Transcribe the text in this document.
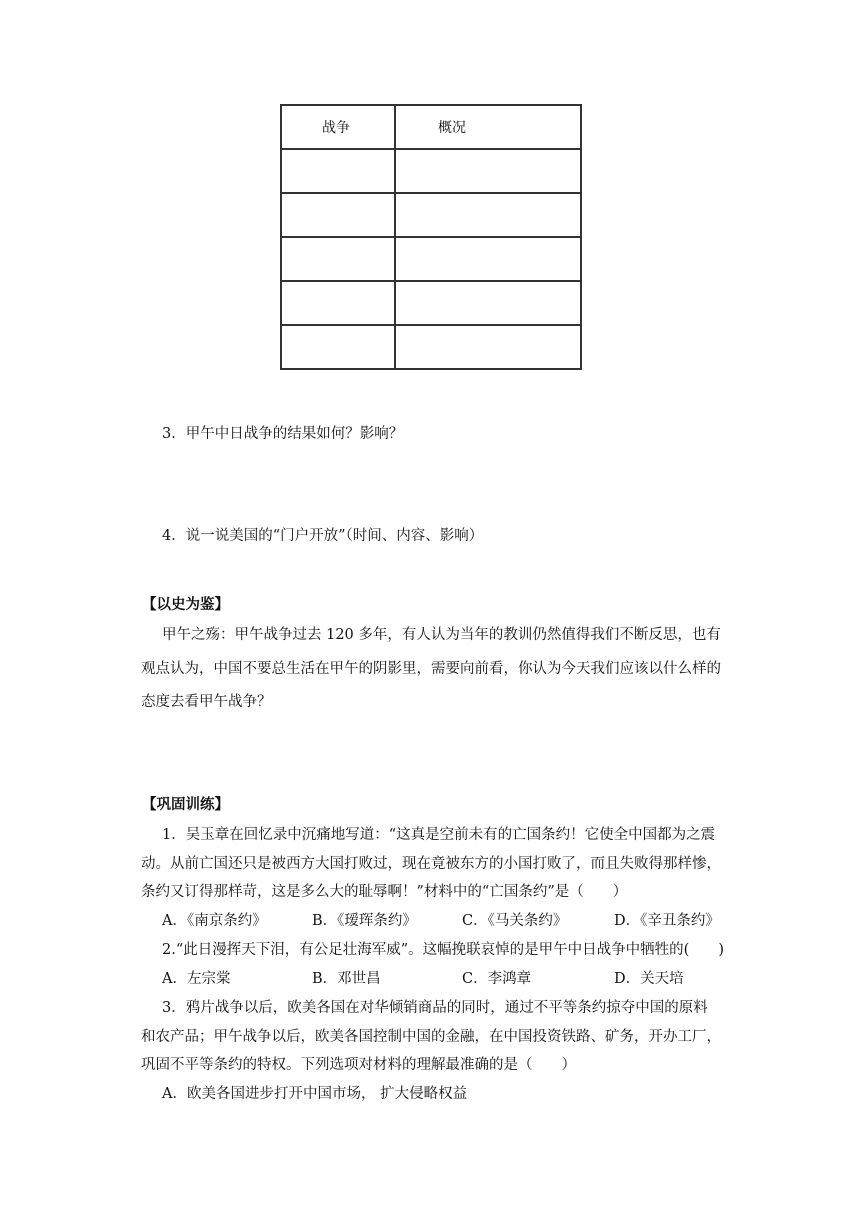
战争	概况

3．甲午中日战争的结果如何？影响？
4．说一说美国的“门户开放”（时间、内容、影响）
【以史为鉴】
甲午之殇：甲午战争过去 120 多年，有人认为当年的教训仍然值得我们不断反思，也有
观点认为，中国不要总生活在甲午的阴影里，需要向前看，你认为今天我们应该以什么样的
态度去看甲午战争？
【巩固训练】
1．吴玉章在回忆录中沉痛地写道：“这真是空前未有的亡国条约！它使全中国都为之震
动。从前亡国还只是被西方大国打败过，现在竟被东方的小国打败了，而且失败得那样惨，
条约又订得那样苛，这是多么大的耻辱啊！”材料中的“亡国条约”是（　　）
A．《南京条约》	B．《瑷珲条约》	C．《马关条约》	D．《辛丑条约》
2.“此日漫挥天下泪，有公足壮海军威”。这幅挽联哀悼的是甲午中日战争中牺牲的(　　)
A．左宗棠	B．邓世昌	C．李鸿章	D．关天培
3．鸦片战争以后，欧美各国在对华倾销商品的同时，通过不平等条约掠夺中国的原料
和农产品；甲午战争以后，欧美各国控制中国的金融，在中国投资铁路、矿务，开办工厂，
巩固不平等条约的特权。下列选项对材料的理解最准确的是（　　）
A．欧美各国进步打开中国市场， 扩大侵略权益
